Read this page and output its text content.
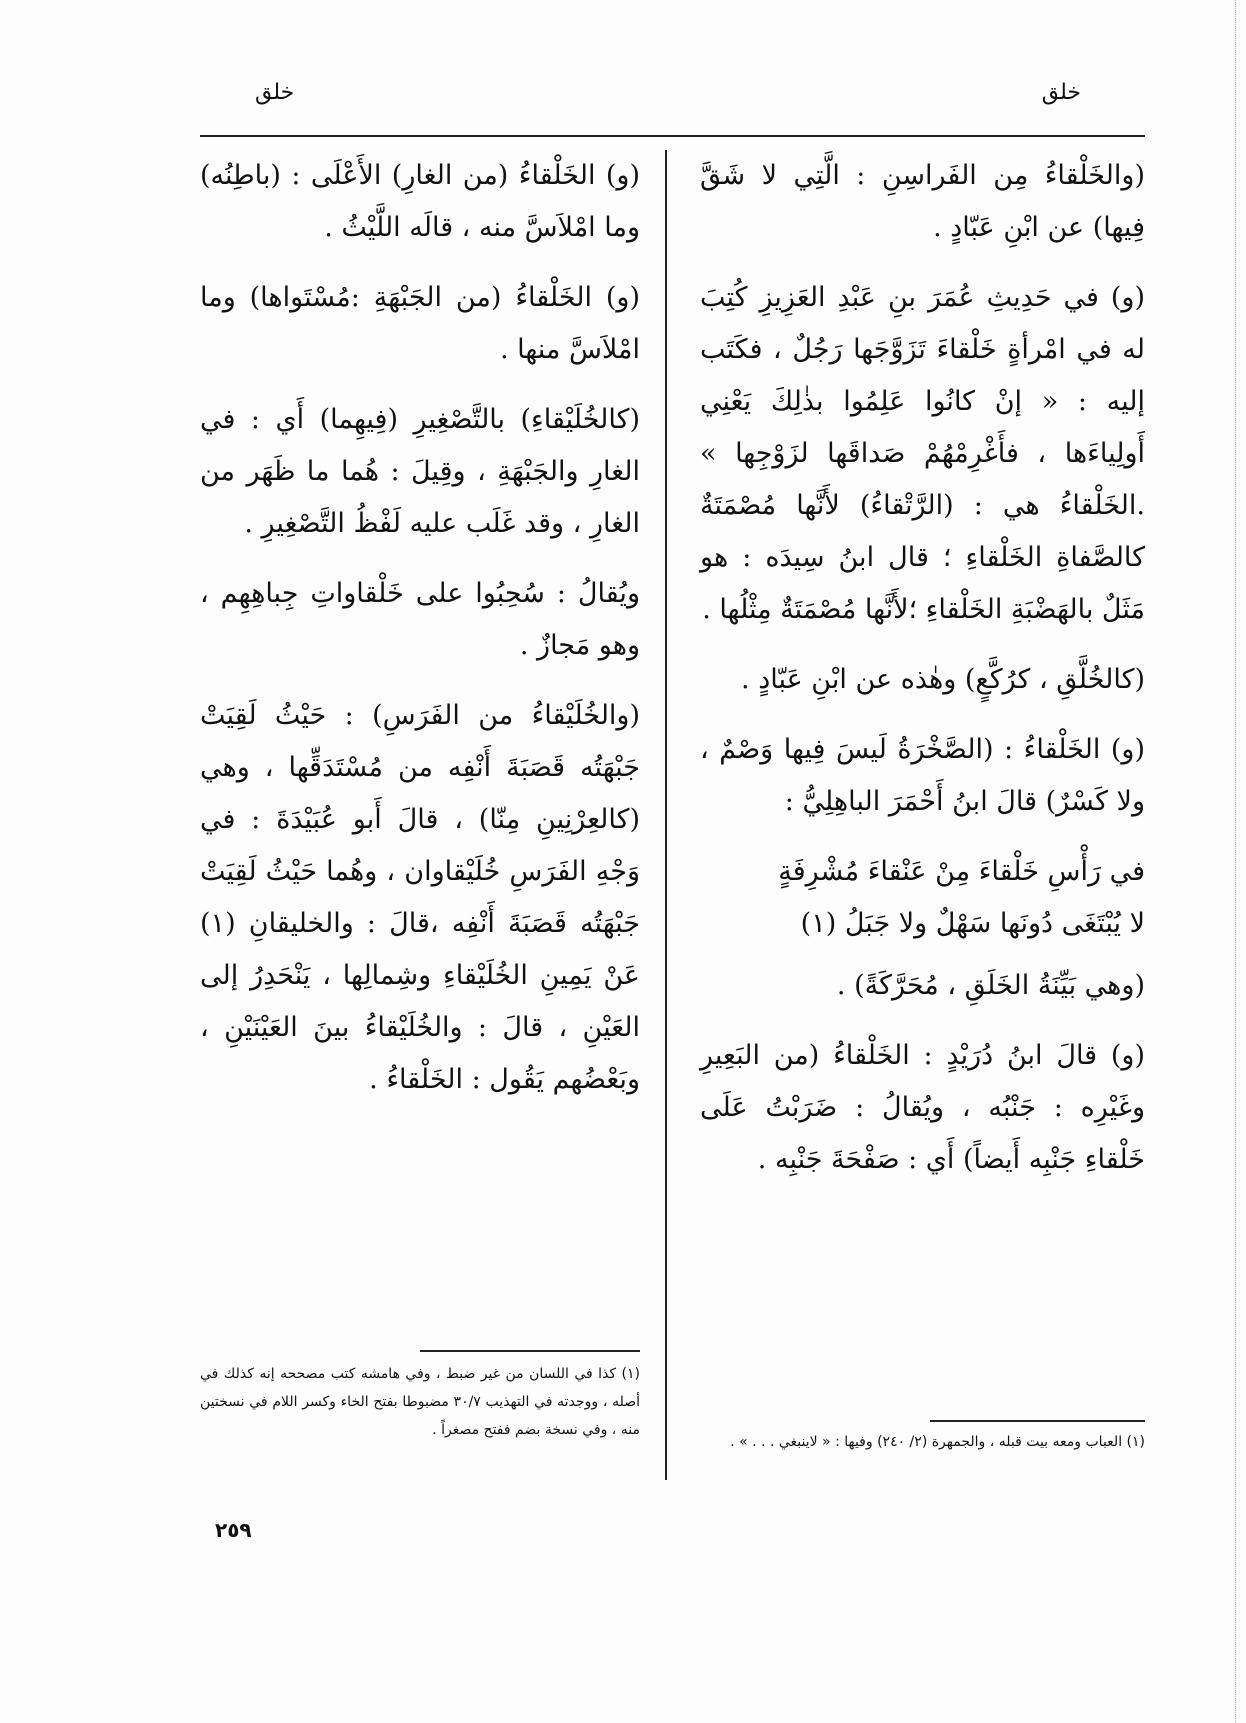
خلق
خلق

(والخَلْقاءُ مِن الفَراسِنِ : الَّتِي لا شَقَّ فِيها) عن ابْنِ عَبّادٍ .

(و) في حَدِيثِ عُمَرَ بنِ عَبْدِ العَزِيزِ كُتِبَ له في امْرأةٍ خَلْقاءَ تَزَوَّجَها رَجُلٌ ، فكَتَب إليه : « إنْ كانُوا عَلِمُوا بذٰلِكَ يَعْنِي أَولِياءَها ، فأَغْرِمْهُمْ صَداقَها لزَوْجِها » .الخَلْقاءُ هي : (الرَّتْقاءُ) لأَنَّها مُصْمَتَةٌ كالصَّفاةِ الخَلْقاءِ ؛ قال ابنُ سِيدَه : هو مَثَلٌ بالهَضْبَةِ الخَلْقاءِ ؛لأَنَّها مُصْمَتَةٌ مِثْلُها .

(كالخُلَّقِ ، كرُكَّعٍ) وهٰذه عن ابْنِ عَبّادٍ .

(و) الخَلْقاءُ : (الصَّخْرَةُ لَيسَ فِيها وَصْمٌ ، ولا كَسْرٌ) قالَ ابنُ أَحْمَرَ الباهِلِيُّ :

في رَأْسِ خَلْقاءَ مِنْ عَنْقاءَ مُشْرِفَةٍ

لا يُبْتَغَى دُونَها سَهْلٌ ولا جَبَلُ (١)

(وهي بَيِّنَةُ الخَلَقِ ، مُحَرَّكَةً) .

(و) قالَ ابنُ دُرَيْدٍ : الخَلْقاءُ (من البَعِيرِ وغَيْرِه : جَنْبُه ، ويُقالُ : ضَرَبْتُ عَلَى خَلْقاءِ جَنْبِه أَيضاً) أَي : صَفْحَةَ جَنْبِه .

(و) الخَلْقاءُ (من الغارِ) الأَعْلَى : (باطِنُه) وما امْلاَسَّ منه ، قالَه اللَّيْثُ .

(و) الخَلْقاءُ (من الجَبْهَةِ :مُسْتَواها) وما امْلاَسَّ منها .

(كالخُلَيْقاءِ) بالتَّصْغِيرِ (فِيهِما) أَي : في الغارِ والجَبْهَةِ ، وقِيلَ : هُما ما ظَهَر من الغارِ ، وقد غَلَب عليه لَفْظُ التَّصْغِيرِ .

ويُقالُ : سُحِبُوا على خَلْقاواتِ جِباهِهِم ، وهو مَجازٌ .

(والخُلَيْقاءُ من الفَرَسِ) : حَيْثُ لَقِيَتْ جَبْهَتُه قَصَبَةَ أَنْفِه من مُسْتَدَقِّها ، وهي (كالعِرْنِينِ مِنّا) ، قالَ أَبو عُبَيْدَةَ : في وَجْهِ الفَرَسِ خُلَيْقاوان ، وهُما حَيْثُ لَقِيَتْ جَبْهَتُه قَصَبَةَ أَنْفِه ،قالَ : والخليقانِ (١) عَنْ يَمِينِ الخُلَيْقاءِ وشِمالِها ، يَنْحَدِرُ إلى العَيْنِ ، قالَ : والخُلَيْقاءُ بينَ العَيْنَيْنِ ، وبَعْضُهم يَقُول : الخَلْقاءُ .

(١) العباب ومعه بيت قبله ، والجمهرة (٢/ ٢٤٠) وفيها : « لاينبغي . . . » .

(١) كذا في اللسان من غير ضبط ، وفي هامشه كتب مصححه إنه كذلك في أصله ، ووجدته في التهذيب ٣٠/٧ مضبوطا بفتح الخاء وكسر اللام في نسختين منه ، وفي نسخة بضم ففتح مصغراً .

٢٥٩
